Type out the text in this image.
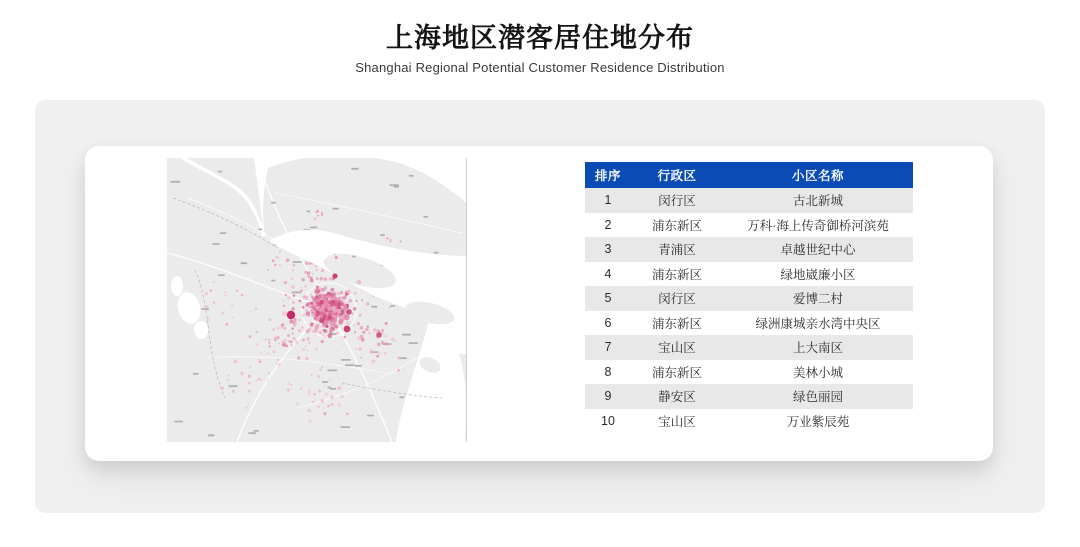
上海地区潜客居住地分布
Shanghai Regional Potential Customer Residence Distribution
排序	行政区	小区名称
1	闵行区	古北新城
2	浦东新区	万科·海上传奇御桥河滨苑
3	青浦区	卓越世纪中心
4	浦东新区	绿地崴廉小区
5	闵行区	爱博二村
6	浦东新区	绿洲康城亲水湾中央区
7	宝山区	上大南区
8	浦东新区	美林小城
9	静安区	绿色丽园
10	宝山区	万业紫辰苑
